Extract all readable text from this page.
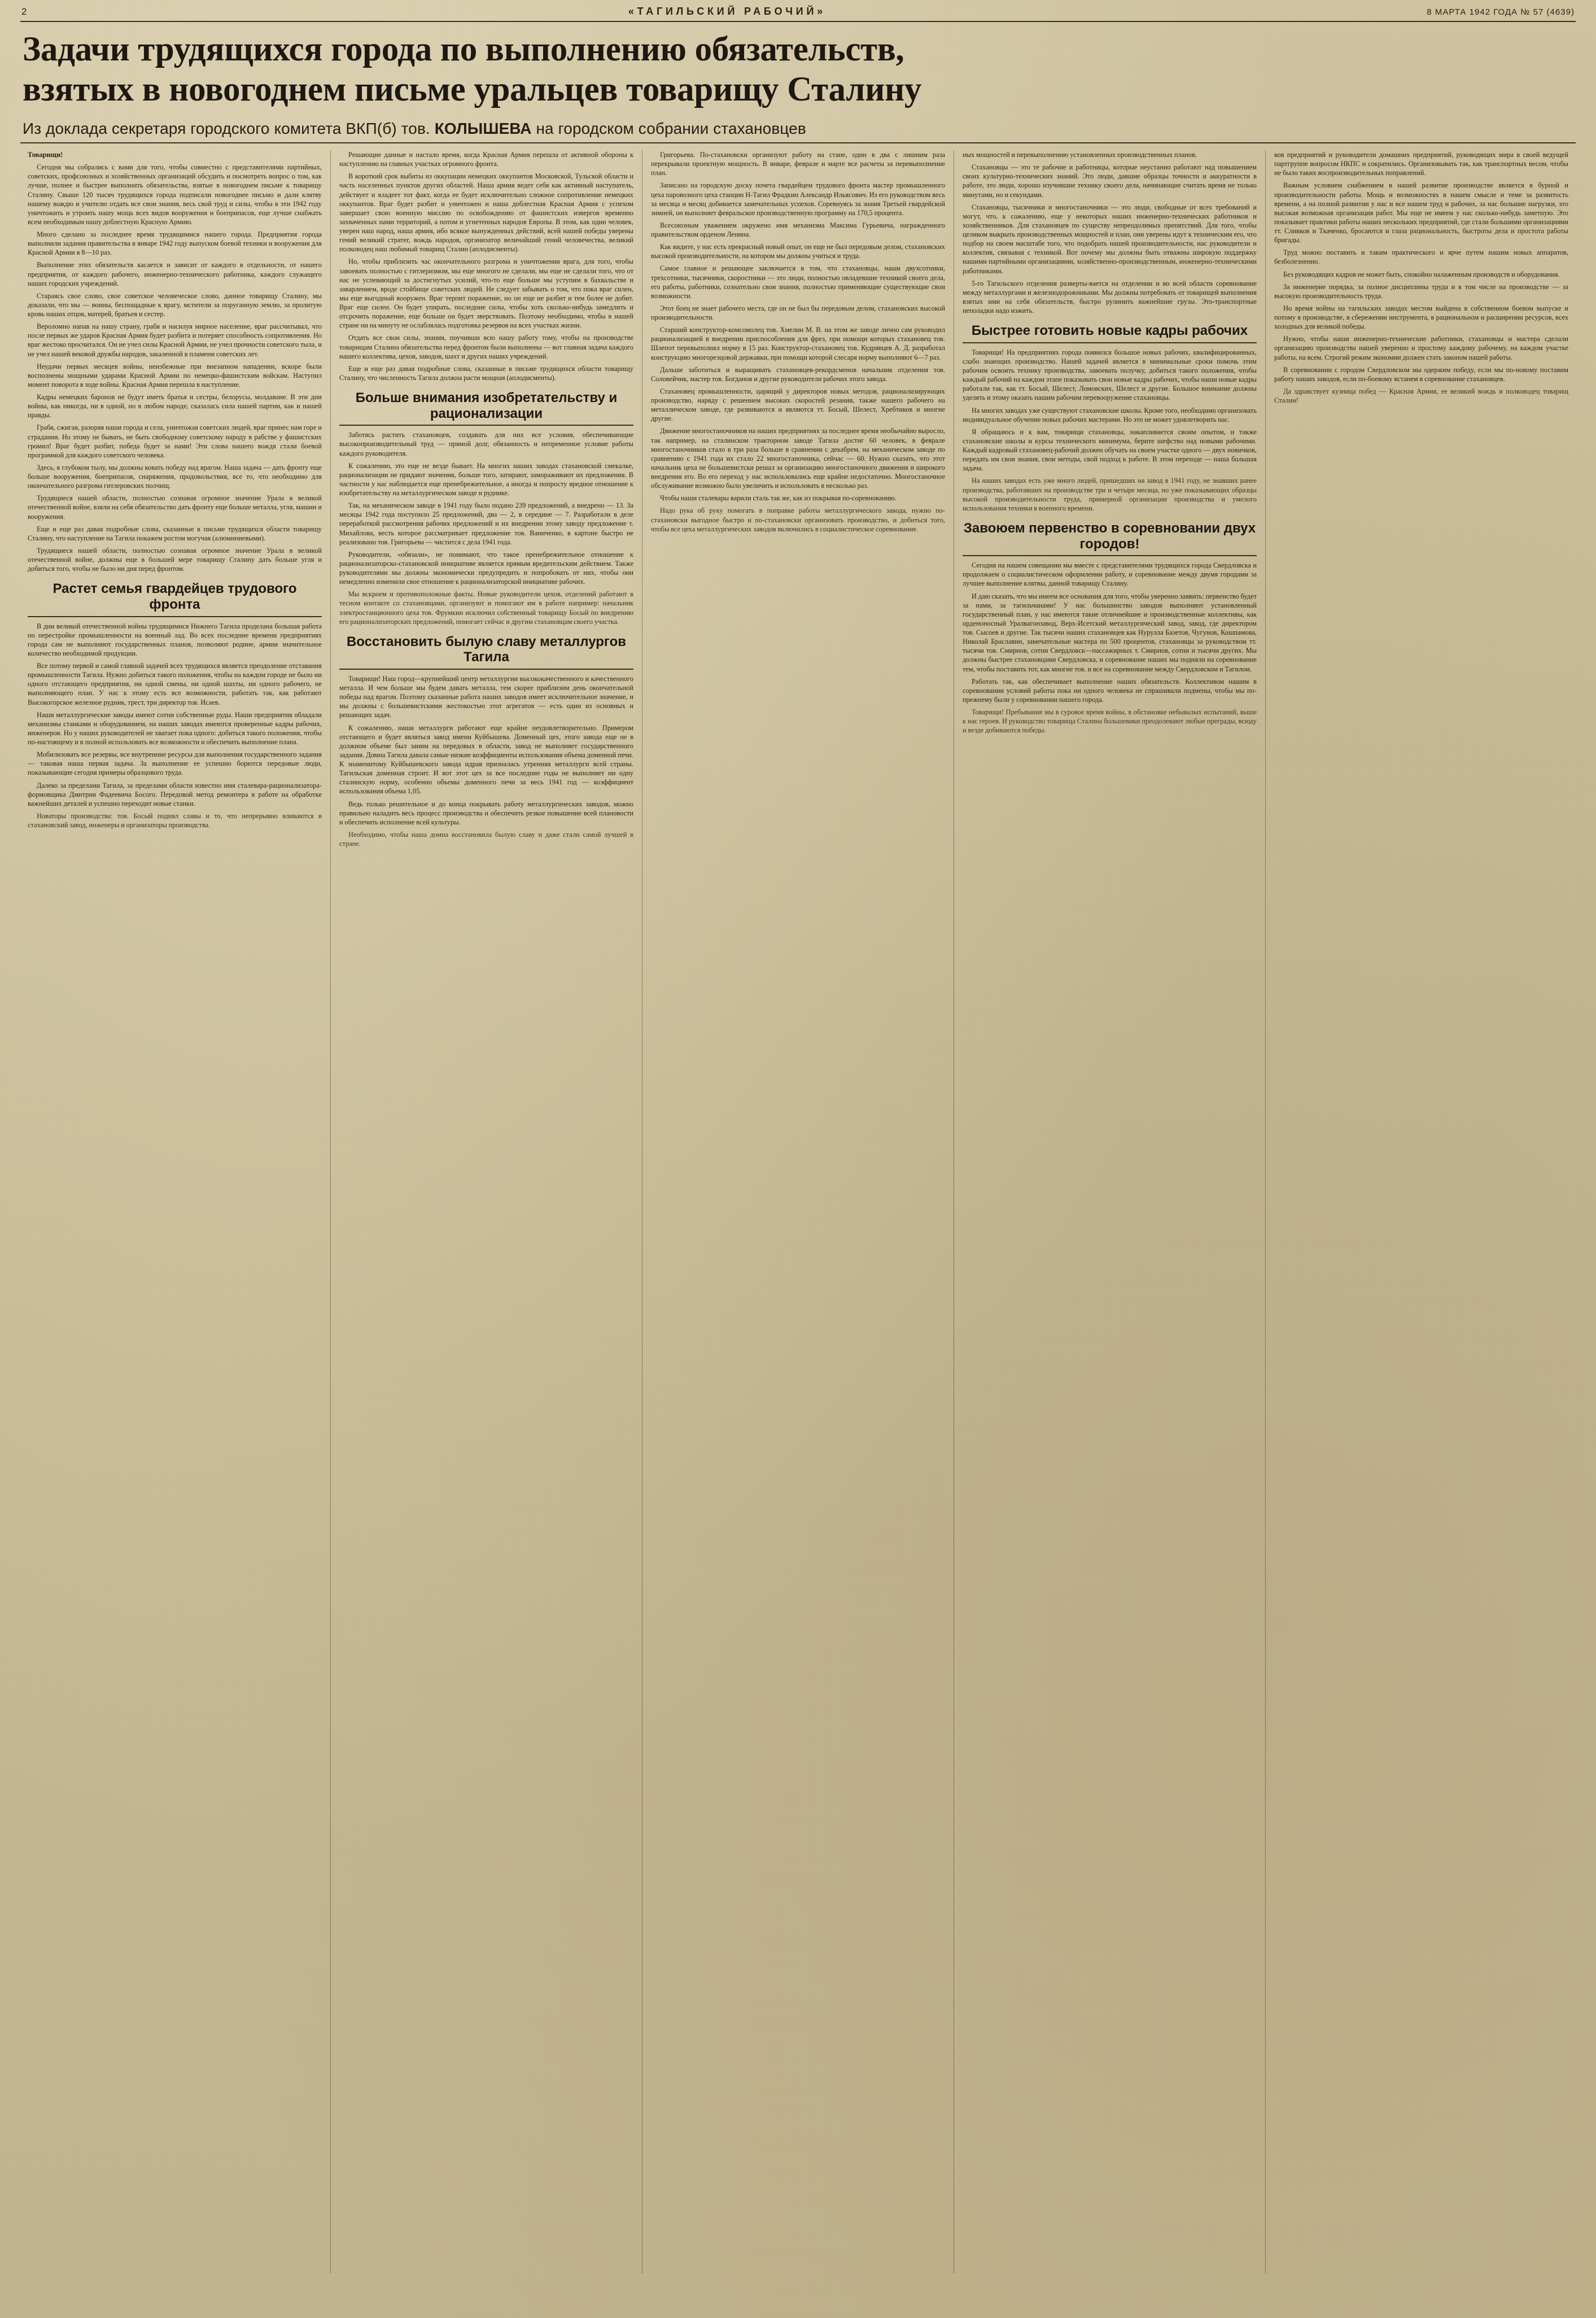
2	«ТАГИЛЬСКИЙ РАБОЧИЙ»	8 МАРТА 1942 ГОДА № 57 (4639)
Задачи трудящихся города по выполнению обязательств,
взятых в новогоднем письме уральцев товарищу Сталину
Из доклада секретаря городского комитета ВКП(б) тов. КОЛЫШЕВА на городском собрании стахановцев

Товарищи!

Сегодня мы собрались с вами для того, чтобы совместно с представителями партийных, советских, профсоюзных и хозяйственных организаций обсудить и посмотреть вопрос о том, как лучше, полнее и быстрее выполнить обязательства, взятые в новогоднем письме к товарищу Сталину. Свыше 120 тысяч трудящихся города подписали новогоднее письмо и дали клятву нашему вождю и учителю отдать все свои знания, весь свой труд и силы, чтобы в эти 1942 году уничтожить и утроить нашу мощь всех видов вооружения и боеприпасов, еще лучше снабжать всем необходимым нашу доблестную Красную Армию.

Много сделано за последнее время трудящимися нашего города. Предприятия города выполнили задания правительства в январе 1942 году выпуском боевой техники и вооружения для Красной Армии в 8—10 раз.

Выполнение этих обязательств касается и зависит от каждого в отдельности, от нашего предприятия, от каждого рабочего, инженерно-технического работника, каждого служащего наших городских учреждений.

Стараясь свое слово, свое советское человеческое слово, данное товарищу Сталину, мы доказали, что мы — воины, беспощадные к врагу, мстители за поруганную землю, за пролитую кровь наших отцов, матерей, братьев и сестер.

Вероломно напав на нашу страну, грабя и насилуя мирное население, враг рассчитывал, что после первых же ударов Красная Армия будет разбита и потеряет способность сопротивления. Но враг жестоко просчитался. Он не учел силы Красной Армии, не учел прочности советского тыла, и не учел нашей вековой дружбы народов, закаленной в пламени советских лет.

Неудачи первых месяцев войны, неизбежные при внезапном нападении, вскоре были восполнены мощными ударами Красной Армии по немецко-фашистским войскам. Наступил момент поворота в ходе войны. Красная Армия перешла в наступление.

Кадры немецких баронов не будут иметь братья и сестры, белорусы, молдаване. В эти дни войны, как никогда, ни в одной, но в любом народе, сказалась сила нашей партии, как и нашей правды.

Грабя, сжигая, разоряя наши города и села, уничтожая советских людей, враг принес нам горе и страдания. Но этому не бывать, не быть свободному советскому народу в рабстве у фашистских громил! Враг будет разбит, победа будет за нами! Эти слова нашего вождя стали боевой программой для каждого советского человека.

Здесь, в глубоком тылу, мы должны ковать победу над врагом. Наша задача — дать фронту еще больше вооружения, боеприпасов, снаряжения, продовольствия, все то, что необходимо для окончательного разгрома гитлеровских полчищ.

Трудящиеся нашей области, полностью сознавая огромное значение Урала в великой отечественной войне, взяли на себя обязательство дать фронту еще больше металла, угля, машин и вооружения.

Еще и еще раз давая подробные слова, сказанные в письме трудящихся области товарищу Сталину, что наступление на Тагила покажем ростом могучая (алюминиевыми).

Трудящиеся нашей области, полностью сознавая огромное значение Урала в великой отечественной войне, должны еще в большей мере товарищу Сталину дать больше угля и добиться того, чтобы не было ни дня перед фронтом.

Растет семья гвардейцев трудового фронта

В дни великой отечественной войны трудящимися Нижнего Тагила проделана большая работа по перестройке промышленности на военный лад. Во всех последние времени предприятиях города сам не выполняют государственных планов, позволяют родине, армии значительное количество необходимой продукции.

Все потому первой и самой главной задачей всех трудящихся является преодоление отставания промышленности Тагила. Нужно добиться такого положения, чтобы на каждом городе не было ни одного отстающего предприятия, ни одной смены, ни одной шахты, ни одного рабочего, не выполняющего план. У нас к этому есть все возможности, работать так, как работают Высокогорское железное рудник, трест, три директор тов. Исаев.

Наши металлургические заводы имеют сотни собственные руды. Наши предприятия обладали механизмы станками и оборудованием, на наших заводах имеются проверенные кадры рабочих, инженеров. Но у наших руководителей не хватает пока одного: добиться такого положения, чтобы по-настоящему и в полной использовать все возможности и обеспечить выполнение плана.

Мобилизовать все резервы, все внутренние ресурсы для выполнения государственного задания — таковая наша первая задача. За выполнение ее успешно борются передовые люди, показывающие сегодня примеры образцового труда.

Далеко за пределами Тагила, за пределами области известно имя сталевара-рационализатора-формовщика Дмитрия Фадеевича Босого. Передовой метод ремонтера в работе на обработке важнейших деталей и успешно переходит новые станки.

Новаторы производства: тов. Босый поднял славы и то, что непрерывно вливаются в стахановский завод, инженеры и организаторы производства.

Решающие данные и настало время, когда Красная Армия перешла от активной обороны к наступлению на главных участках огромного фронта.

В короткий срок выбиты из оккупации немецких оккупантов Московской, Тульской области и часть населенных пунктов других областей. Наша армия ведет себя как активный наступатель, действует и владеет тот факт, когда ее будет исключительно сложное сопротивление немецких оккупантов. Враг будет разбит и уничтожен и наша доблестная Красная Армия с успехом завершает свою военную миссию по освобождению от фашистских извергов временно захваченных нами территорий, а потом и угнетенных народов Европы. В этом, как один человек, уверен наш народ, наша армия, ибо всякое вынужденных действий, всей нашей победы уверены гений великий стратег, вождь народов, организатор величайший гений человечества, великий полководец наш любимый товарищ Сталин (аплодисменты).

Но, чтобы приблизить час окончательного разгрома и уничтожения врага, для того, чтобы завоевать полностью с гитлеризмом, мы еще многого не сделали, мы еще не сделали того, что от нас не успевающий за достигнутых усилий, что-то еще больше мы уступим в бахвальстве и заварлением, вроде стойбище советских людей. Не следует забывать о том, что пока враг силен, мы еще выгодный вооружен. Враг терпит поражение, но он еще не разбит и тем более не добит. Враг еще силен. Он будет упирать, последние силы, чтобы хоть сколько-нибудь замедлить и отсрочить поражение, еще больше он будет зверствовать. Поэтому необходимо, чтобы в нашей стране ни на минуту не ослаблялась подготовка резервов на всех участках жизни.

Отдать все свои силы, знания, поучивши всю нашу работу тому, чтобы на производстве товарищам Сталина обязательства перед фронтом были выполнены — вот главная задача каждого нашего коллектива, цехов, заводов, шахт и других наших учреждений.

Еще и еще раз давая подробные слова, сказанные в письме трудящихся области товарищу Сталину, что численность Тагила должна расти мощная (аплодисменты).

Больше внимания изобретательству и рационализации

Заботясь растить стахановцев, создавать для них все условия, обеспечивающие высокопроизводительный труд — прямой долг, обязанность и непременное условие работы каждого руководителя.

К сожалению, это еще не везде бывает. На многих наших заводах стахановской смекалке, рационализации не придают значения, больше того, затирают, замораживают их предложения. В частности у нас наблюдается еще пренебрежительное, а иногда и попросту вредное отношение к изобретательству на металлургическом заводе и руднике.

Так, на механическом заводе в 1941 году было подано 239 предложений, а внедрено — 13. За месяцы 1942 года поступило 25 предложений, два — 2, в середине — 7. Разработали в деле переработкой рассмотрения рабочих предложений и их внедрении этому заводу предложение т. Михайлова, весть которое рассматривает предложение тов. Ваниченко, в картоне быстро не реализовано тов. Григорьева — чистится с дела 1941 года.

Руководители, «обязали», не понимают, что такое пренебрежительное отношение к рационализаторско-стахановской инициативе является прямым вредительским действием. Также руководителями мы должны экономически предупредить и попробовать от них, чтобы они немедленно изменили свое отношение к рационализаторской инициативе рабочих.

Мы вскроем и противоположные факты. Новые руководители цехов, отделений работают в тесном контакте со стахановцами, организуют и помогают им в работе например: начальник электростанционного цеха тов. Фрумкин исключил собственный товарищу Босый по внедрению его рационализаторских предложений, помогает сейчас и другим стахановцам своего участка.

Восстановить былую славу металлургов Тагила

Товарищи! Наш город—крупнейший центр металлургии высококачественного и качественного металла. И чем больше мы будем давать металла, тем скорее приблизим день окончательной победы над врагом. Поэтому сказанные работа наших заводов имеет исключительное значение, и мы должны с большевистскими жестокостью этот агрегатов — есть один из основных и решающих задач.

К сожалению, наши металлурги работают еще крайне неудовлетворительно. Примером отстающего и будет являться завод имени Куйбышева. Доменный цех, этого завода еще не в должном объеме был заним на передовых в области, завод не выполняет государственного задания. Домна Тагила давала самые низкие коэффициенты использования объема доменной печи. К знаменитому Куйбышевского завода идрая призналась утренняя металлурги всей страны. Тагильская доменная строит. И вот этот цех за все последние годы не выполняет ни одну сталинскую норму, особенно объемы доменного печи за весь 1941 год — коэффициент использования объема 1,05.

Ведь только решительное и до конца покрывать работу металлургических заводов, можно правильно наладить весь процесс производства и обеспечить резкое повышение всей плановости и обеспечить исполнение всей культуры.

Необходимо, чтобы наша домна восстановила былую славу и даже стали самой лучшей в стране.

Григорьева. По-стахановски организуют работу на стане, один в два с лишним раза перекрывали проектную мощность. В январе, феврале и марте все расчеты за перевыполнение план.

Записано на городскую доску почета гвардейцем трудового фронта мастер промышленного цеха паровозного цеха станции Н-Тагил Фрадкин Александр Ильясович. Из его руководством весь за месяца и месяц добивается замечательных успехов. Соревнуясь за знамя Третьей гвардейской зимней, он выполняет февральское производственную программу на 170,5 процента.

Всесоюзным уважением окружено имя механизма Максима Гурьевича, награжденного правительством орденом Ленина.

Как видите, у нас есть прекрасный новый опыт, он еще не был передовым делом, стахановских высокой производительности, на котором мы должны учиться и труда.

Самое главное и решающее заключается в том, что стахановцы, наши двухсотники, трехсотники, тысячники, скоростники — это люди, полностью овладевшие техникой своего дела, его работы, работники, сознательно свои знания, полностью применяющие существующие свои возможности.

Этот боец не знает рабочего места, где он не был бы передовым делом, стахановских высокой производительности.

Старший конструктор-комсомолец тов. Хмелин М. В. на этом же заводе лично сам руководил рационализацией в внедрении приспособления для фрез, при помощи которых стахановец тов. Шлепот перевыполнял норму в 15 раз. Конструктор-стахановец тов. Кудрявцев А. Д. разработал конструкцию многорезцовой державки, при помощи которой слесаря норму выполняют 6—7 раз.

Дальше заботиться и выращивать стахановцев-рекордсменов начальник отделения тов. Соловейчик, мастер тов. Богданов и другие руководители рабочих этого завода.

Стахановец промышленности, царящий у директоров новых методов, рационализирующих производство, наряду с решением высоких скоростей резания, также нашего рабочего на металлическом заводе, где развиваются и являются тт. Босый, Шелест, Хребтиков и многие другие.

Движение многостаночников на наших предприятиях за последнее время необычайно выросло, так например, на сталинском тракторном заводе Тагила достиг 60 человек, в феврале многостаночников стало в три раза больше в сравнении с декабрем, на механическом заводе по сравнению с 1941 года их стало 22 многостаночника, сейчас — 60. Нужно сказать, что этот начальник цеха не большевистски решал за организацию многостаночного движения и широкого внедрения его. Во его переход у нас использовались еще крайне недостаточно. Многостаночное обслуживание возможно было увеличить и использовать в несколько раз.

Чтобы наши сталевары варили сталь так же, как из покрывая по-соревнованию.

Надо рука об руку помогать в поправке работы металлургического завода, нужно по-стахановски выгодное быстро и по-стахановски организовать производство, и добиться того, чтобы все цеха металлургических заводов включились в социалистическое соревнование.

ных мощностей и перевыполнению установленных производственных планов.

Стахановцы — это те рабочие и работницы, которые неустанно работают над повышением своих культурно-технических знаний. Это люди, давшие образцы точности и аккуратности в работе, это люди, хорошо изучившие технику своего дела, начинающие считать время не только минутами, но и секундами.

Стахановцы, тысячники и многостаночники — это люди, свободные от всех требований и могут, что, к сожалению, еще у некоторых наших инженерно-технических работников и хозяйственников. Для стахановцев по существу непреодолимых препятствий. Для того, чтобы целиком выкрыть производственных мощностей и план, они уверены идут к техническим его, что подбор на своем масштабе того, что подобрать нашей производительности, нас руководители и коллектив, связывая с техникой. Вот почему мы должны быть отважны широкую поддержку нашими партийными организациями, хозяйственно-производственным, инженерно-техническими работниками.

5-го Тагильского отделения разверты-вается на отделении и во всей области соревнование между металлургами и железнодорожниками. Мы должны потребовать от товарищей выполнения взятых ими на себя обязательств, быстро рулинить важнейшие грузы. Это-транспортные неполадки надо изжить.

Быстрее готовить новые кадры рабочих

Товарищи! На предприятиях города появился большое новых рабочих, квалифицированных, слабо знающих производство. Нашей задачей является в минимальные сроки помочь этим рабочим освоить технику производства, завоевать получку, добиться такого положения, чтобы каждый рабочий на каждом этапе показывать свои новые кадры рабочих, чтобы наши новые кадры работали так, как тт. Босый, Шелест, Ломовских, Шелест и другие. Большое внимание должны уделять и этому оказать нашим рабочим перевооружение стахановцы.

На многих заводах уже существуют стахановские школы. Кроме того, необходимо организовать индивидуальное обучение новых рабочих мастерами. Но это не может удовлетворить нас.

Я обращаюсь и к вам, товарищи стахановцы, накапливается своим опытом, и также стахановские школы и курсы технического минимума, берите шефство над новыми рабочими. Каждый кадровый стахановец-рабочий должен обучать на своем участке одного — двух новичков, передать им свои знания, свои методы, свой подход к работе. В этом переходе — наша большая задача.

На наших заводах есть уже много людей, пришедших на завод в 1941 году, не знавших ранее производства, работавших на производстве три и четыре месяца, но уже показывающих образцы высокой производительности труда, примерной организации производства и умелого использования техники в военного времени.

Завоюем первенство в соревновании двух городов!

Сегодня на нашем совещании мы вместе с представителями трудящихся города Свердловска и продолжаем о социалистическом оформлении работу, и соревнование между двумя городами за лучшее выполнение клятвы, данной товарищу Сталину.

И даю сказать, что мы имеем все основания для того, чтобы уверенно заявить: первенство будет за нами, за тагильчанами! У нас большинство заводов выполняют установленный государственный план, у нас имеются такие отличнейшие и производственные коллективы, как орденоносный Уралвагонзавод, Верх-Исетский металлургический завод, завод, где директором тов. Сысоев и другие. Так тысячи наших стахановцев как Нуруллa Базетов, Чугунов, Кошпамова, Николай Браславин, замечательные мастера по 500 процентов, стахановцы за руководством тт. тысячи тов. Смирнов, сотни Свердловск—пассажирных т. Смирнов, сотни и тысячи других. Мы должны быстрее стахановцами Свердловска, и соревнование наших мы подняли на соревнование тем, чтобы поставить тот, как многие тов. и все на соревнование между Свердловском и Тагилом.

Работать так, как обеспечивает выполнение наших обязательств. Коллективом нашим в соревновании условий работы пока ни одного человека не спрашивали подмены, чтобы мы по-прежнему были у соревновании нашего города.

Товарищи! Пребывание мы в суровое время войны, в обстановке небывалых испытаний, выше к нас героев. И руководство товарища Сталина большевики преодолевают любые преграды, всюду и везде добиваются победы.

ков предприятий и руководители домашних предприятий, руководящих мира в своей ведущей партгруппе вопросом НКПС и сократились. Организовывать так, как транспортных весом, чтобы не было таких воспроизводительных поправлений.

Важным условием снабжением в нашей развитие производстве является в бурной и производительности работы. Мощь и возможностях в нашем смысле и теме за развитость времени, а на полной развитии у нас и все нашем труд и рабочих, за нас большие нагрузки, это высокая возможная организация работ. Мы еще не имеем у нас сколько-нибудь заметную. Это показывает практики работы наших нескольких предприятий, где стали большими организациями тт. Сливков и Ткаченко, бросаются и глаза рациональность, быстроты дела и простота работы бригады.

Труд можно поставить и таким практического и ярче путем нашим новых аппаратов, безболезненно.

Без руководящих кадров не может быть, спокойно налаженным производств и оборудования.

За инженерие порядка, за полное дисциплины труда и в том числе на производстве — за высокую производительность труда.

Но время войны на тагильских заводах местом выйдена в собственном боевом выпуске и потому в производстве, в сбережении инструмента, в рациональном и расширении ресурсов, всех холодных для великой победы.

Нужно, чтобы наши инженерно-технические работники, стахановцы и мастера сделали организацию производства нашей уверенно и простому каждому рабочему, на каждом участке работы, на всем. Строгий режим экономии должен стать законом нашей работы.

В соревновании с городом Свердловском мы одержим победу, если мы по-новому поставим работу наших заводов, если по-боевому встанем в соревнование стахановцев.

Да здравствует кузница побед — Красная Армия, ее великий вождь и полководец товарищ Сталин!
